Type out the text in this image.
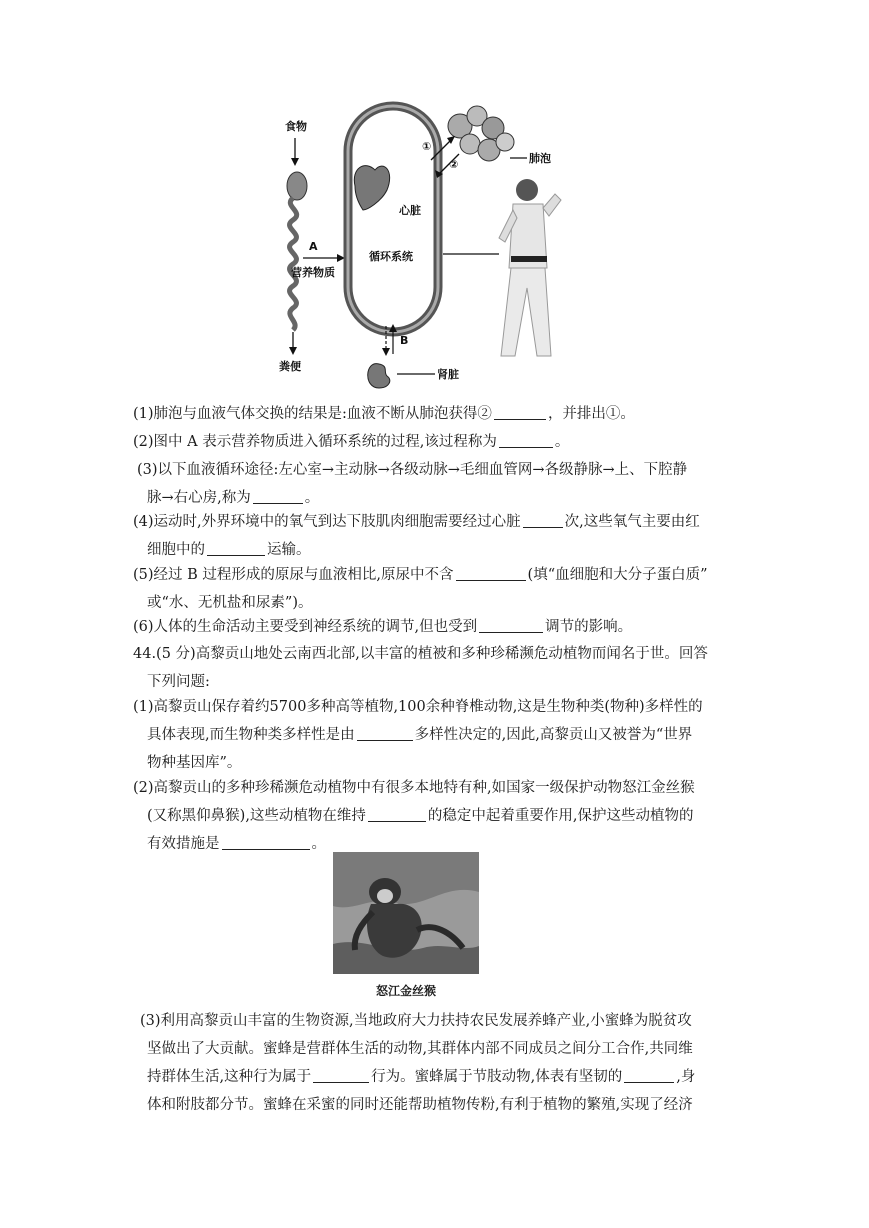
食物
粪便
A
营养物质
心脏
循环系统
肺泡
①
②
B
肾脏
(1)肺泡与血液气体交换的结果是:血液不断从肺泡获得②	，并排出①。
(2)图中 A 表示营养物质进入循环系统的过程,该过程称为	。
(3)以下血液循环途径:左心室→主动脉→各级动脉→毛细血管网→各级静脉→上、下腔静
脉→右心房,称为	。
(4)运动时,外界环境中的氧气到达下肢肌肉细胞需要经过心脏	次,这些氧气主要由红
细胞中的	运输。
(5)经过 B 过程形成的原尿与血液相比,原尿中不含	(填“血细胞和大分子蛋白质”
或“水、无机盐和尿素”)。
(6)人体的生命活动主要受到神经系统的调节,但也受到	调节的影响。
44.(5 分)高黎贡山地处云南西北部,以丰富的植被和多种珍稀濒危动植物而闻名于世。回答
下列问题:
(1)高黎贡山保存着约5700多种高等植物,100余种脊椎动物,这是生物种类(物种)多样性的
具体表现,而生物种类多样性是由	多样性决定的,因此,高黎贡山又被誉为“世界
物种基因库”。
(2)高黎贡山的多种珍稀濒危动植物中有很多本地特有种,如国家一级保护动物怒江金丝猴
(又称黑仰鼻猴),这些动植物在维持	的稳定中起着重要作用,保护这些动植物的
有效措施是	。
怒江金丝猴
(3)利用高黎贡山丰富的生物资源,当地政府大力扶持农民发展养蜂产业,小蜜蜂为脱贫攻
坚做出了大贡献。蜜蜂是营群体生活的动物,其群体内部不同成员之间分工合作,共同维
持群体生活,这种行为属于	行为。蜜蜂属于节肢动物,体表有坚韧的	,身
体和附肢都分节。蜜蜂在采蜜的同时还能帮助植物传粉,有利于植物的繁殖,实现了经济
